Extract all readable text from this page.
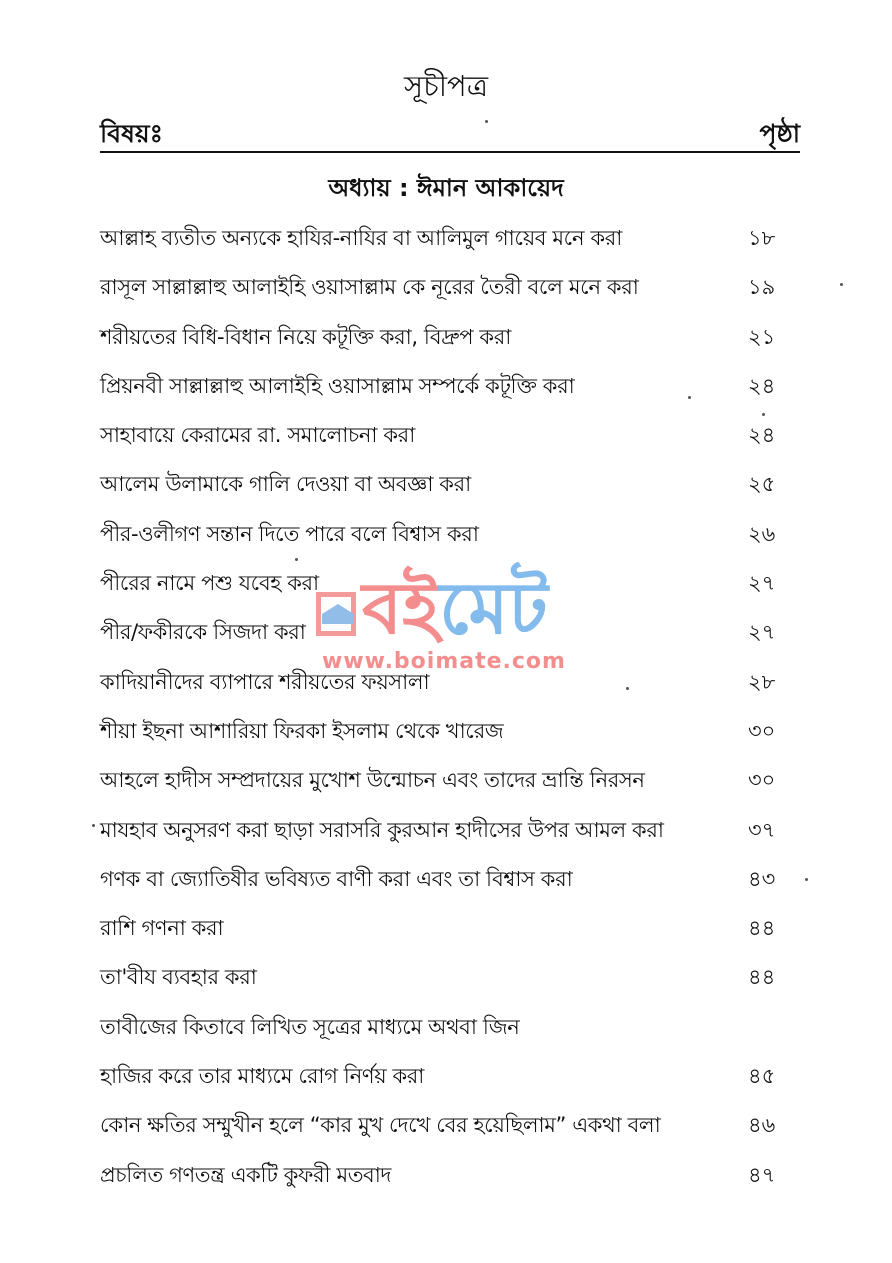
সূচীপত্র
বিষয়ঃ	পৃষ্ঠা
অধ্যায় : ঈমান আকায়েদ
আল্লাহ ব্যতীত অন্যকে হাযির-নাযির বা আলিমুল গায়েব মনে করা	১৮
রাসূল সাল্লাল্লাহু আলাইহি ওয়াসাল্লাম কে নূরের তৈরী বলে মনে করা	১৯
শরীয়তের বিধি-বিধান নিয়ে কটূক্তি করা, বিদ্রুপ করা	২১
প্রিয়নবী সাল্লাল্লাহু আলাইহি ওয়াসাল্লাম সম্পর্কে কটূক্তি করা	২৪
সাহাবায়ে কেরামের রা. সমালোচনা করা	২৪
আলেম উলামাকে গালি দেওয়া বা অবজ্ঞা করা	২৫
পীর-ওলীগণ সন্তান দিতে পারে বলে বিশ্বাস করা	২৬
পীরের নামে পশু যবেহ করা	২৭
পীর/ফকীরকে সিজদা করা	২৭
কাদিয়ানীদের ব্যাপারে শরীয়তের ফয়সালা	২৮
শীয়া ইছনা আশারিয়া ফিরকা ইসলাম থেকে খারেজ	৩০
আহলে হাদীস সম্প্রদায়ের মুখোশ উন্মোচন এবং তাদের ভ্রান্তি নিরসন	৩০
মাযহাব অনুসরণ করা ছাড়া সরাসরি কুরআন হাদীসের উপর আমল করা	৩৭
গণক বা জ্যোতিষীর ভবিষ্যত বাণী করা এবং তা বিশ্বাস করা	৪৩
রাশি গণনা করা	৪৪
তা'বীয ব্যবহার করা	৪৪
তাবীজের কিতাবে লিখিত সূত্রের মাধ্যমে অথবা জিন
হাজির করে তার মাধ্যমে রোগ নির্ণয় করা	৪৫
কোন ক্ষতির সম্মুখীন হলে “কার মুখ দেখে বের হয়েছিলাম” একথা বলা	৪৬
প্রচলিত গণতন্ত্র একটি কুফরী মতবাদ	৪৭
বইমেট
www.boimate.com
